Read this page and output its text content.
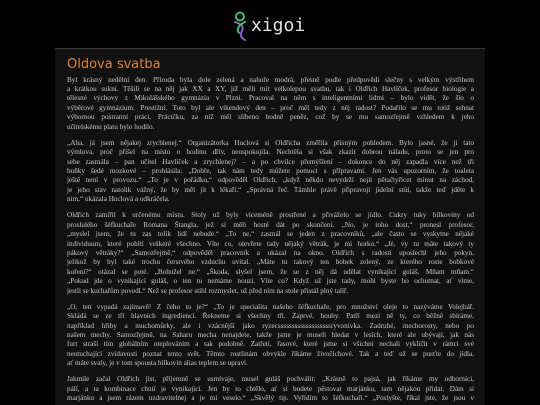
xigoi
Oldova svatba
Byl krásný nedělní den. Příroda byla dole zelená a nahoře modrá, přesně podle předpovědi slečny s velkým výstřihem
a krátkou sukní. Těšili se na něj jak XX a XY, již měli mít velkolepou svatbu, tak i Oldřich Havlíček, profesor biologie a
tělesné výchovy z Mikulášského gymnázia v Plzni. Pracoval na něm s inteligentními lidmi – bylo vidět, že šlo o
výběrové gymnázium. Prestižní. Toto byl ale víkendový den – proč měl tedy z něj radost? Podařilo se mu totiž sehnat
výbornou postranní práci. Prácičku, za níž měl slíbeno hodně peněz, což by se mu samozřejmě vzhledem k jeho
učitelskému platu bylo hodilo.
„Aha, já jsem nějakej zrychlenej.“ Organizátorka Huclová si Oldřicha změřila přísným pohledem. Bylo jasné, že ji tato
výmluva, proč přišel na místo o hodinu dřív, neuspokojila. Nechtěla si však zkazit dobrou náladu, proto se jen pro
sebe zasmála – pan učitel Havlíček a zrychlenej? – a po chvilce přemýšlení – dokonce do něj zapadla více než tři
buňky šedé mozkové – prohlásila: „Dobře, tak nám tedy můžete pomoct s přípravami. Jen vás upozorním, že toaleta
ještě není v provozu.“ „To je v pořádku,“ odpověděl Oldřich, „když někdo nevydrží nejít pětačtyřicet minut na záchod,
je jeho stav natolik vážný, že by měl jít k lékaři.“ „Správná řeč. Támhle právě připravují jídelní stůl, takže teď jděte k
nim,“ ukázala Huclová a odkráčela.
Oldřich zamířil k určenému místu. Stoly už byly víceméně prostřené a přiváželo se jídlo. Cukry tuky bílkoviny od
proslulého šéfkuchaře Romana Štangla, jež si měli hosté dát po skončení. „No, je toho dost,“ pronesl profesor,
„myslel jsem, že tu zas tolik lidí nebude.“ „To ne,“ zasmál se jeden z pracovníků, „ale často se vyskytne nějaké
individuum, které pohltí veškeré všechno. Víte co, otevřete tady nějaký větrák, je mi horko.“ „Jé, vy tu máte takový ty
pákový větráky?“ „Samozřejmě,“ odpověděl pracovník a ukázal na okno. Oldřich s radostí uposlechl jeho pokyn,
jelikož by byl také trochu čerstvého vzduchu uvítal. „Máte tu takový ten bobek zelený, ze kterého roste bobkové
koření?“ otázal se poté. „Bohužel ne.“ „Škoda, slyšel jsem, že se z něj dá udělat vynikající guláš. Mňam mňam.“
„Pokud jde o vynikající guláš, o ten tu nemáme nouzi. Víte co? Když už jste tady, mohl byste ho ochutnat, ať víme,
jestli se kuchařům povedl.“ Než se profesor stihl rozmyslet, už před ním na stole přistál plný talíř.
„O, ten vypadá zajímavě! Z čeho to je?“ „To je specialita našeho šéfkuchaře, pro množství oleje to nazýváme Volejbář.
Skládá se ze tří hlavních ingrediencí. Řekneme si všechny tři. Zaprvé, houby. Patří mezi ně ty, co běžně sbíráme,
například hřiby a muchomůrky, ale i vzácnější jako ryzecsssssssssssssssssssryvonivka. Zadruhé, mechorosty, nebo po
našem mechy. Samozřejmě, na Saharu mecha nenajdete, takže jsme je museli hledat v lesích, které ale ubývají, jak nás
furt straší tím globálním oteplováním a tak podobně. Zatřetí, řasové, které jsme si všichni nechali vyklíčit v rámci své
neutuchající zvídavosti poznat tento svět. Těmto rostlinám obvykle říkáme živočichové. Tak a teď už se pusťte do jídla,
ať máte svaly, je v tom spousta bílkovin alias teplem se upravi.
Jakmile začal Oldřich jíst, příjemně se usmívaje, musel guláš pochválit: „Krásně to pajsá, jak říkáme my odborníci,
pálí, a ta kombinace chutí je vynikající. Jen by to chtělo, ať si budete pěstovat marjánku, tam nějakou přidat. Dám si
marjánku a jsem rázem uzdravitelnej a je mi veselo.“ „Skvělý tip. Vyřídím to šéfkuchaři.“ „Poslyšte, říkal jste, že jsou v
